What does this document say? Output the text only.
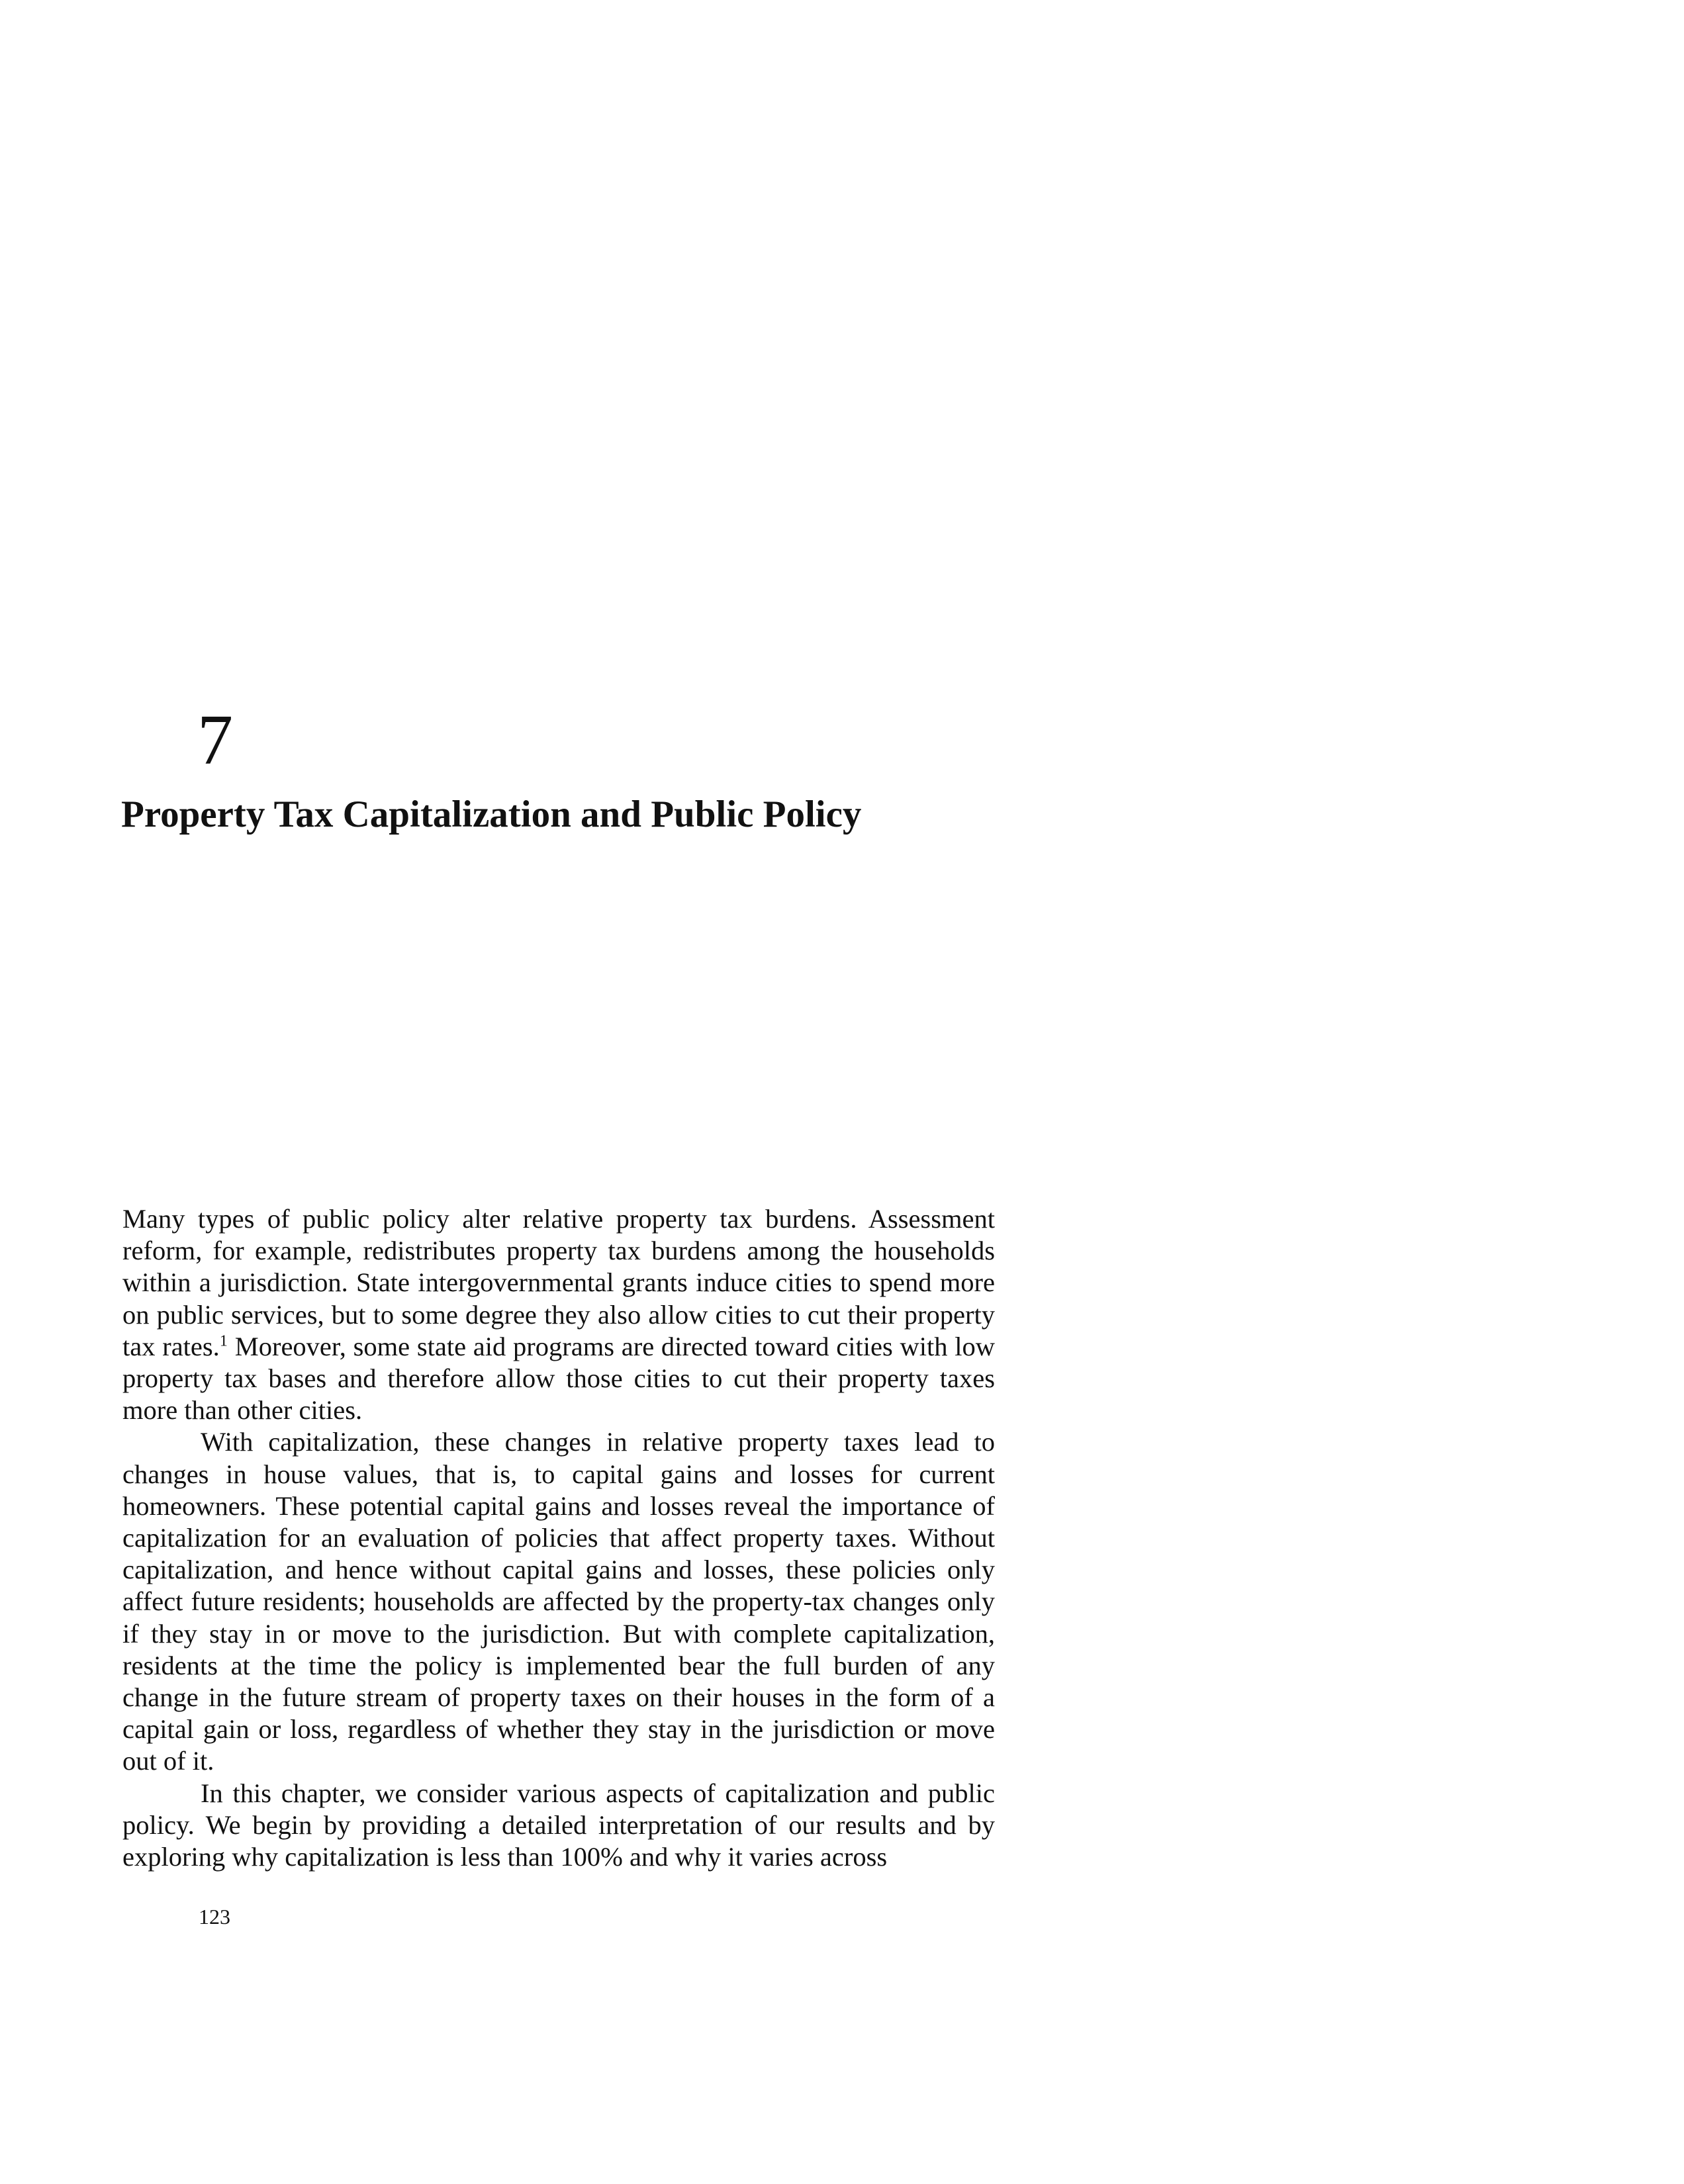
7
Property Tax Capitalization and Public Policy

Many types of public policy alter relative property tax burdens. Assessment reform, for example, redistributes property tax burdens among the households within a jurisdiction. State intergovernmental grants induce cities to spend more on public services, but to some degree they also allow cities to cut their property tax rates.$^1$ Moreover, some state aid programs are directed toward cities with low property tax bases and therefore allow those cities to cut their property taxes more than other cities.

With capitalization, these changes in relative property taxes lead to changes in house values, that is, to capital gains and losses for current homeowners. These potential capital gains and losses reveal the importance of capitalization for an evaluation of policies that affect property taxes. Without capitalization, and hence without capital gains and losses, these policies only affect future residents; households are affected by the property-tax changes only if they stay in or move to the jurisdiction. But with complete capitalization, residents at the time the policy is implemented bear the full burden of any change in the future stream of property taxes on their houses in the form of a capital gain or loss, regardless of whether they stay in the jurisdiction or move out of it.

In this chapter, we consider various aspects of capitalization and public policy. We begin by providing a detailed interpretation of our results and by exploring why capitalization is less than 100% and why it varies across

123
